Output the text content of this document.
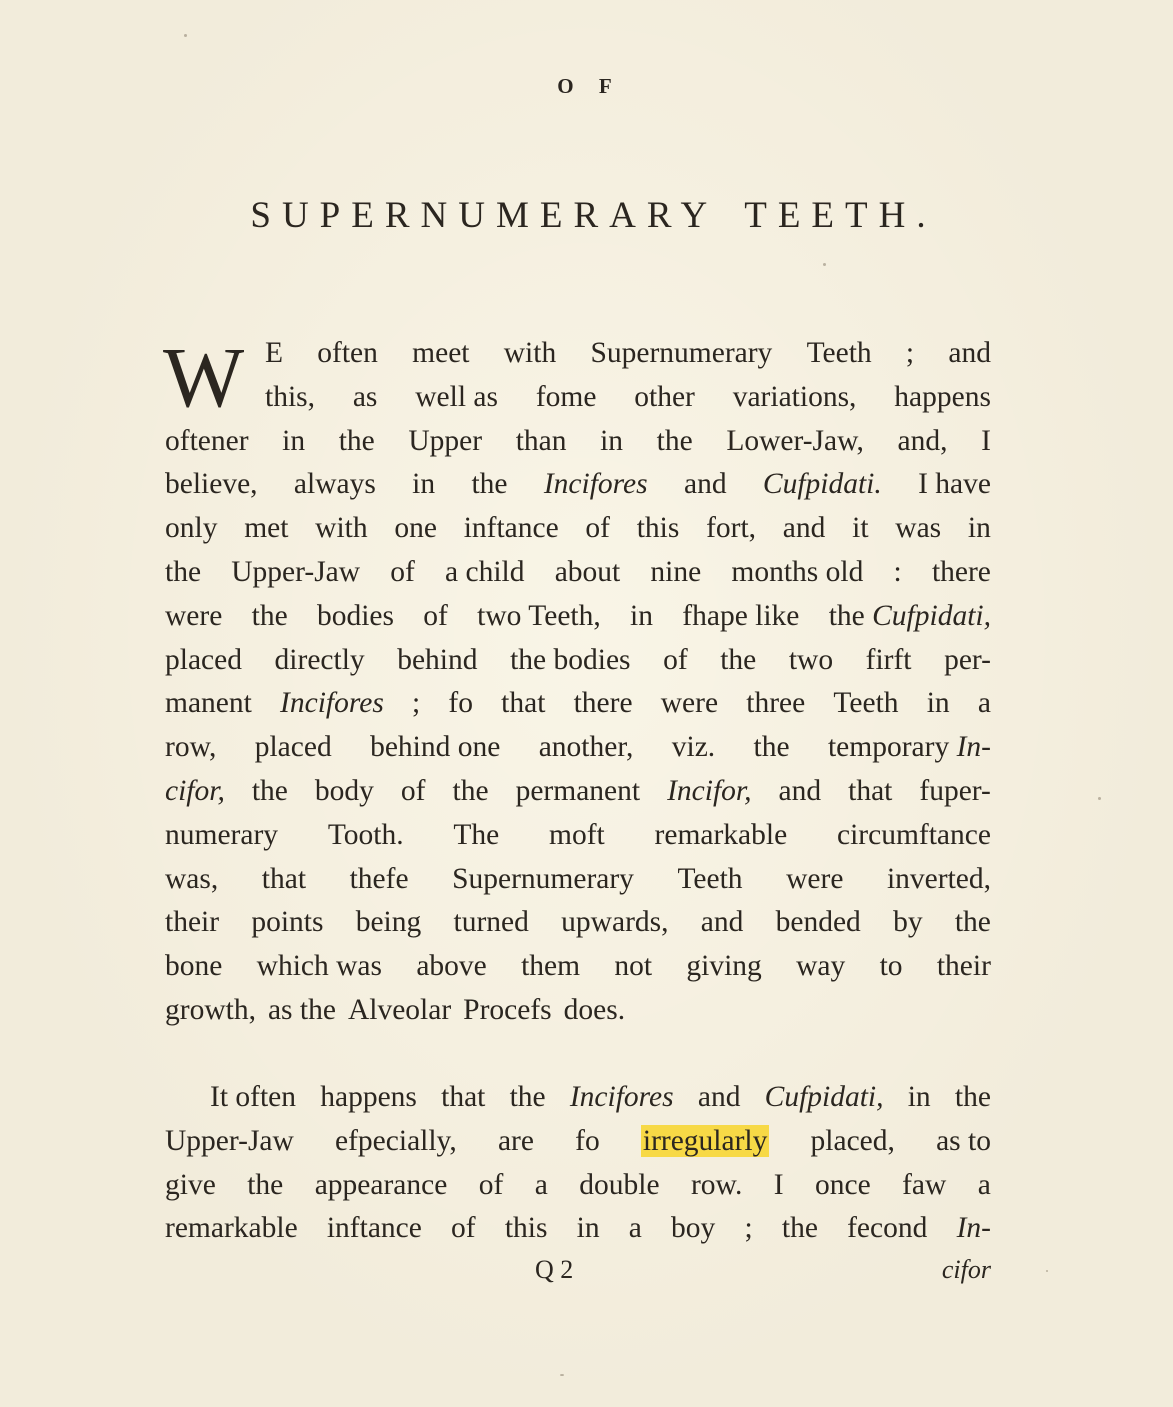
O F
SUPERNUMERARY TEETH.
W E often meet with Supernumerary Teeth ; and
this, as well as fome other variations, happens
oftener in the Upper than in the Lower-Jaw, and, I
believe, always in the Incifores and Cufpidati. I have
only met with one inftance of this fort, and it was in
the Upper-Jaw of a child about nine months old : there
were the bodies of two Teeth, in fhape like the Cufpidati,
placed directly behind the bodies of the two firft per-
manent Incifores ; fo that there were three Teeth in a
row, placed behind one another, viz. the temporary In-
cifor, the body of the permanent Incifor, and that fuper-
numerary Tooth. The moft remarkable circumftance
was, that thefe Supernumerary Teeth were inverted,
their points being turned upwards, and bended by the
bone which was above them not giving way to their
growth, as the Alveolar Procefs does.
It often happens that the Incifores and Cufpidati, in the
Upper-Jaw efpecially, are fo irregularly placed, as to
give the appearance of a double row. I once faw a
remarkable inftance of this in a boy ; the fecond In-
Q 2	cifor
